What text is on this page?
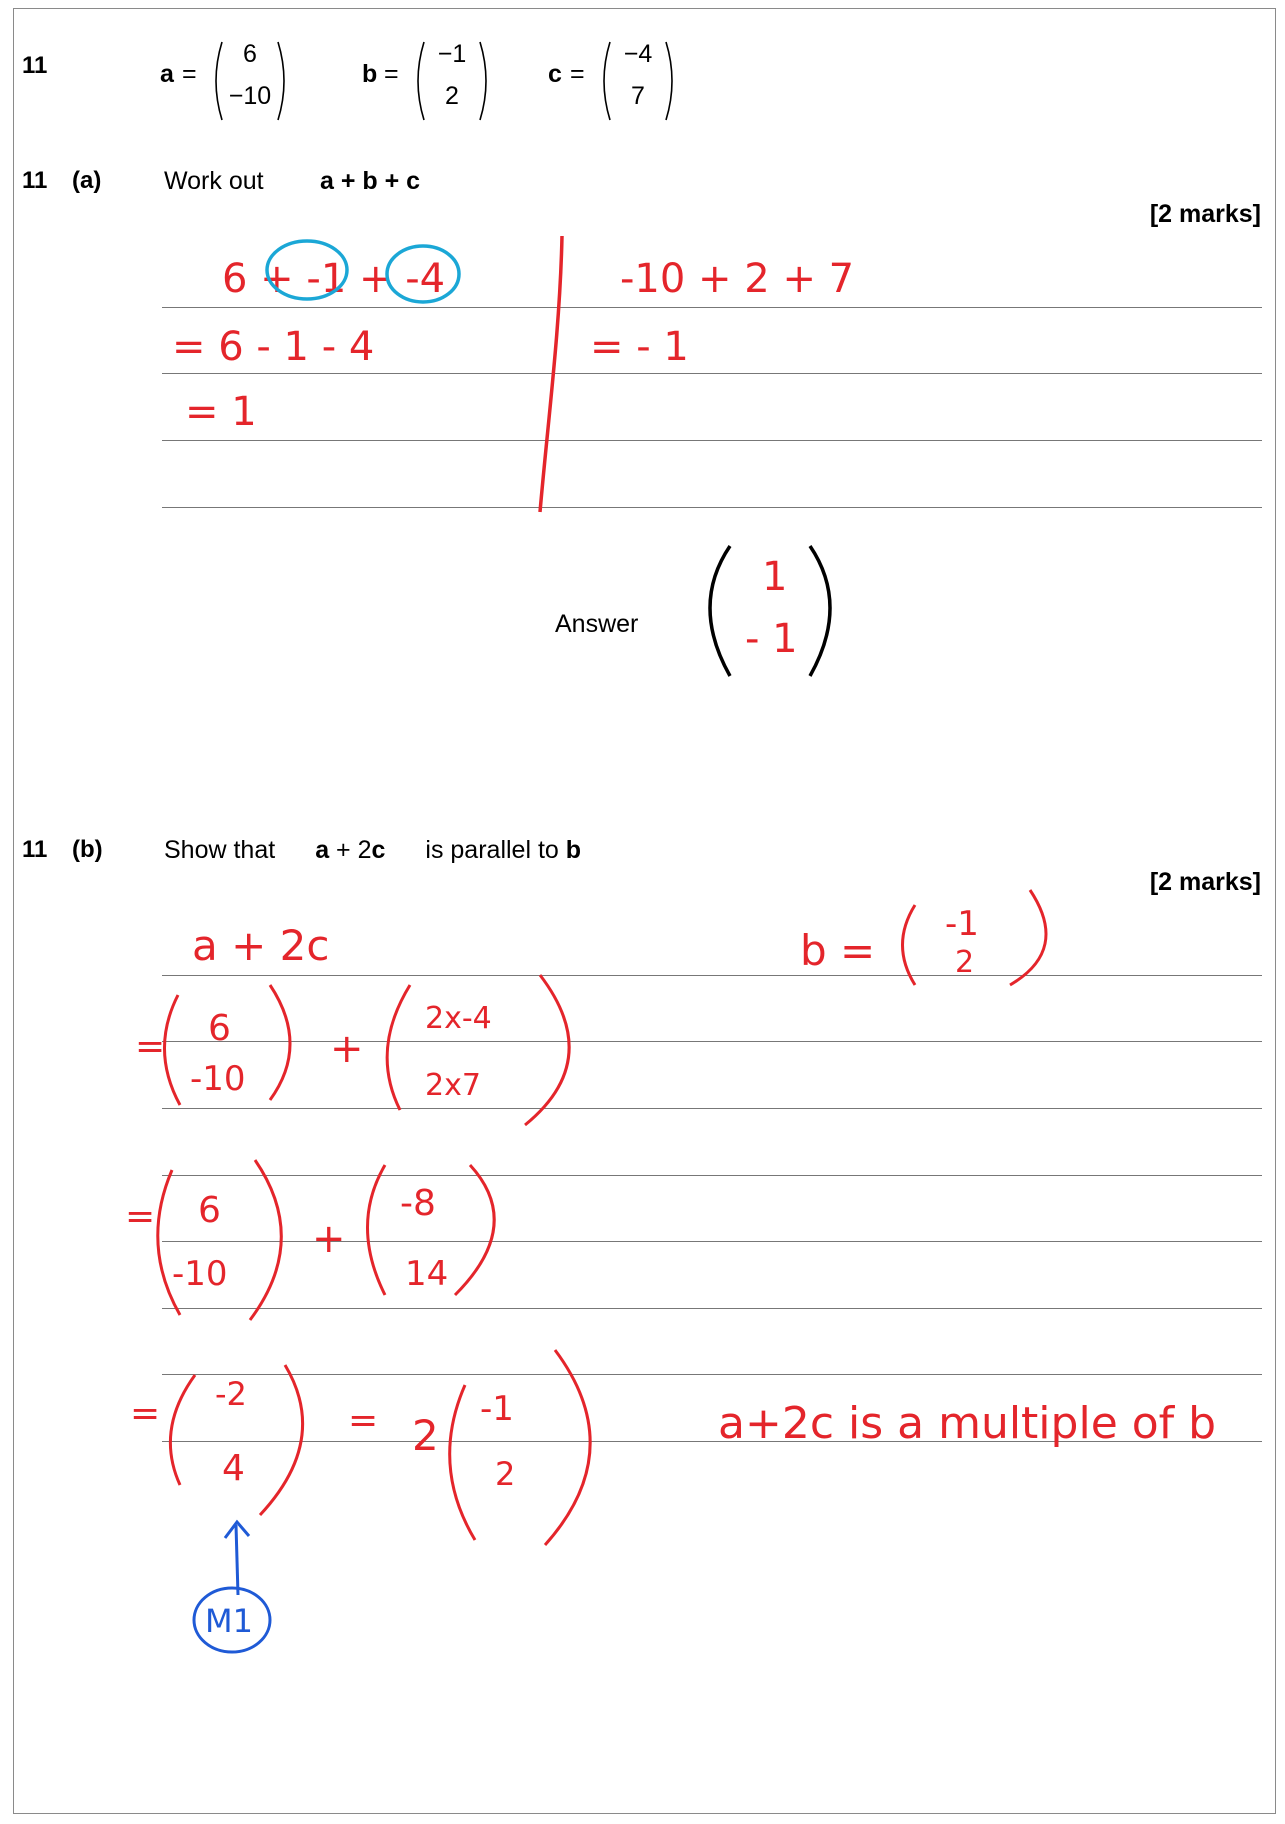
11	a =
6
−10
b =
−1
2
c =
−4
7
11 (a)	Work out a + b + c
[2 marks]
Answer
11 (b) Show that a + 2c is parallel to b
[2 marks]
6 + -1 + -4	-10 + 2 + 7
= 6 - 1 - 4	= - 1
= 1
1
- 1
a + 2c	b =
-1
2
= 6
-10
+
2x-4
2x7
= 6
-10
+
-8
14
= -2
4
= 2
-1
2
a+2c is a multiple of b
M1
